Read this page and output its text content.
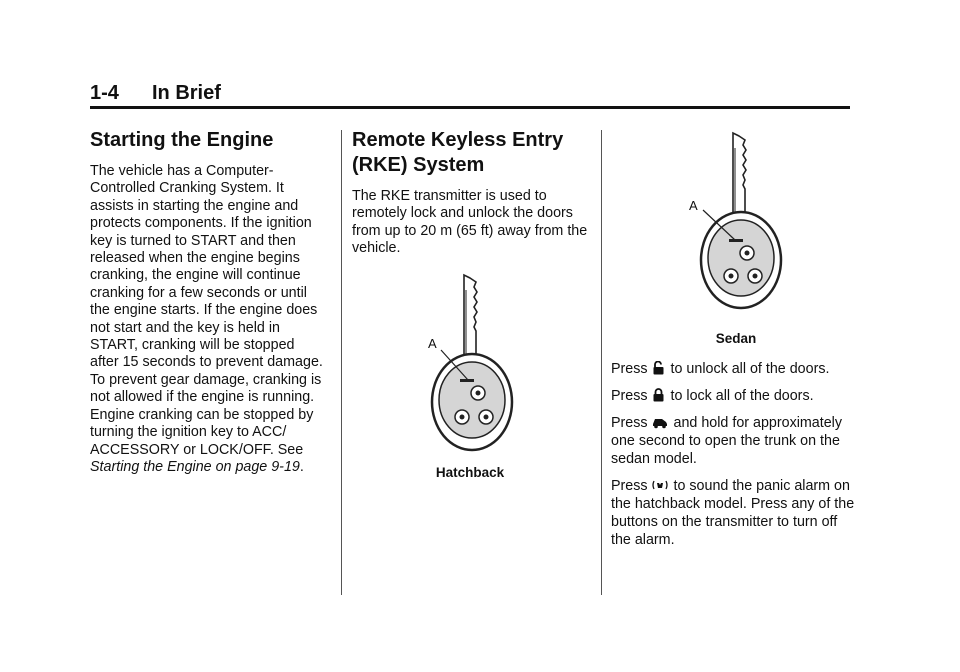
1-4 In Brief
Starting the Engine

The vehicle has a Computer-Controlled Cranking System. It assists in starting the engine and protects components. If the ignition key is turned to START and then released when the engine begins cranking, the engine will continue cranking for a few seconds or until the engine starts. If the engine does not start and the key is held in START, cranking will be stopped after 15 seconds to prevent damage. To prevent gear damage, cranking is not allowed if the engine is running. Engine cranking can be stopped by turning the ignition key to ACC/ ACCESSORY or LOCK/OFF. See Starting the Engine on page 9-19.

Remote Keyless Entry (RKE) System

The RKE transmitter is used to remotely lock and unlock the doors from up to 20 m (65 ft) away from the vehicle.

A
Hatchback
A
Sedan

Press to unlock all of the doors.

Press to lock all of the doors.

Press and hold for approximately one second to open the trunk on the sedan model.

Press to sound the panic alarm on the hatchback model. Press any of the buttons on the transmitter to turn off the alarm.
